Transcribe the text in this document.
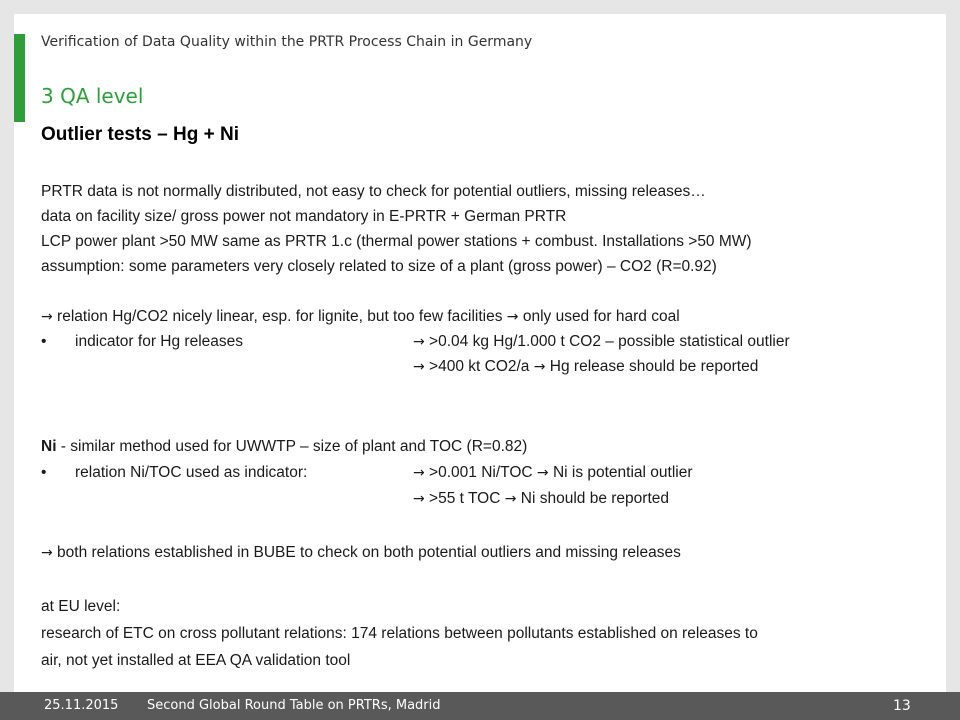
Verification of Data Quality within the PRTR Process Chain in Germany
3 QA level
Outlier tests – Hg + Ni
PRTR data is not normally distributed, not easy to check for potential outliers, missing releases…
data on facility size/ gross power not mandatory in E-PRTR + German PRTR
LCP power plant >50 MW same as PRTR 1.c (thermal power stations + combust. Installations >50 MW)
assumption: some parameters very closely related to size of a plant (gross power) – CO2 (R=0.92)
→ relation Hg/CO2 nicely linear, esp. for lignite, but too few facilities → only used for hard coal
• indicator for Hg releases	→ >0.04 kg Hg/1.000 t CO2 – possible statistical outlier
→ >400 kt CO2/a → Hg release should be reported
Ni - similar method used for UWWTP – size of plant and TOC (R=0.82)
• relation Ni/TOC used as indicator:	→ >0.001 Ni/TOC → Ni is potential outlier
→ >55 t TOC → Ni should be reported
→ both relations established in BUBE to check on both potential outliers and missing releases
at EU level:
research of ETC on cross pollutant relations: 174 relations between pollutants established on releases to
air, not yet installed at EEA QA validation tool
25.11.2015 Second Global Round Table on PRTRs, Madrid	13
